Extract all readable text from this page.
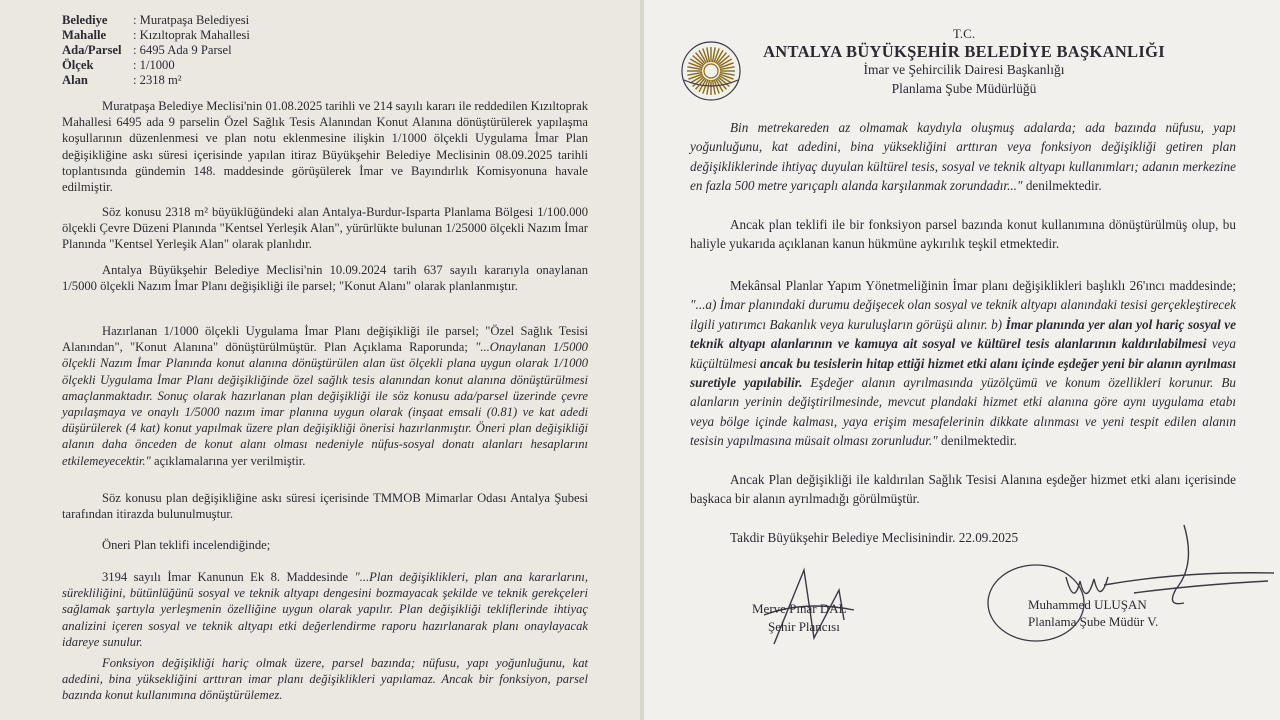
Belediye : Muratpaşa Belediyesi
Mahalle : Kızıltoprak Mahallesi
Ada/Parsel : 6495 Ada 9 Parsel
Ölçek	: 1/1000
Alan	: 2318 m²

Muratpaşa Belediye Meclisi'nin 01.08.2025 tarihli ve 214 sayılı kararı ile reddedilen Kızıltoprak Mahallesi 6495 ada 9 parselin Özel Sağlık Tesis Alanından Konut Alanına dönüştürülerek yapılaşma koşullarının düzenlenmesi ve plan notu eklenmesine ilişkin 1/1000 ölçekli Uygulama İmar Plan değişikliğine askı süresi içerisinde yapılan itiraz Büyükşehir Belediye Meclisinin 08.09.2025 tarihli toplantısında gündemin 148. maddesinde görüşülerek İmar ve Bayındırlık Komisyonuna havale edilmiştir.

Söz konusu 2318 m² büyüklüğündeki alan Antalya-Burdur-Isparta Planlama Bölgesi 1/100.000 ölçekli Çevre Düzeni Planında "Kentsel Yerleşik Alan", yürürlükte bulunan 1/25000 ölçekli Nazım İmar Planında "Kentsel Yerleşik Alan" olarak planlıdır.

Antalya Büyükşehir Belediye Meclisi'nin 10.09.2024 tarih 637 sayılı kararıyla onaylanan 1/5000 ölçekli Nazım İmar Planı değişikliği ile parsel; "Konut Alanı" olarak planlanmıştır.

Hazırlanan 1/1000 ölçekli Uygulama İmar Planı değişikliği ile parsel; "Özel Sağlık Tesisi Alanından", "Konut Alanına" dönüştürülmüştür. Plan Açıklama Raporunda; "...Onaylanan 1/5000 ölçekli Nazım İmar Planında konut alanına dönüştürülen alan üst ölçekli plana uygun olarak 1/1000 ölçekli Uygulama İmar Planı değişikliğinde özel sağlık tesis alanından konut alanına dönüştürülmesi amaçlanmaktadır. Sonuç olarak hazırlanan plan değişikliği ile söz konusu ada/parsel üzerinde çevre yapılaşmaya ve onaylı 1/5000 nazım imar planına uygun olarak (inşaat emsali (0.81) ve kat adedi düşürülerek (4 kat) konut yapılmak üzere plan değişikliği önerisi hazırlanmıştır. Öneri plan değişikliği alanın daha önceden de konut alanı olması nedeniyle nüfus-sosyal donatı alanları hesaplarını etkilemeyecektir." açıklamalarına yer verilmiştir.

Söz konusu plan değişikliğine askı süresi içerisinde TMMOB Mimarlar Odası Antalya Şubesi tarafından itirazda bulunulmuştur.

Öneri Plan teklifi incelendiğinde;

3194 sayılı İmar Kanunun Ek 8. Maddesinde "...Plan değişiklikleri, plan ana kararlarını, sürekliliğini, bütünlüğünü sosyal ve teknik altyapı dengesini bozmayacak şekilde ve teknik gerekçeleri sağlamak şartıyla yerleşmenin özelliğine uygun olarak yapılır. Plan değişikliği tekliflerinde ihtiyaç analizini içeren sosyal ve teknik altyapı etki değerlendirme raporu hazırlanarak planı onaylayacak idareye sunulur.

Fonksiyon değişikliği hariç olmak üzere, parsel bazında; nüfusu, yapı yoğunluğunu, kat adedini, bina yüksekliğini arttıran imar planı değişiklikleri yapılamaz. Ancak bir fonksiyon, parsel bazında konut kullanımına dönüştürülemez.

T.C.
ANTALYA BÜYÜKŞEHİR BELEDİYE BAŞKANLIĞI
İmar ve Şehircilik Dairesi Başkanlığı
Planlama Şube Müdürlüğü

Bin metrekareden az olmamak kaydıyla oluşmuş adalarda; ada bazında nüfusu, yapı yoğunluğunu, kat adedini, bina yüksekliğini arttıran veya fonksiyon değişikliği getiren plan değişikliklerinde ihtiyaç duyulan kültürel tesis, sosyal ve teknik altyapı kullanımları; adanın merkezine en fazla 500 metre yarıçaplı alanda karşılanmak zorundadır..." denilmektedir.

Ancak plan teklifi ile bir fonksiyon parsel bazında konut kullanımına dönüştürülmüş olup, bu haliyle yukarıda açıklanan kanun hükmüne aykırılık teşkil etmektedir.

Mekânsal Planlar Yapım Yönetmeliğinin İmar planı değişiklikleri başlıklı 26'ıncı maddesinde; "...a) İmar planındaki durumu değişecek olan sosyal ve teknik altyapı alanındaki tesisi gerçekleştirecek ilgili yatırımcı Bakanlık veya kuruluşların görüşü alınır. b) İmar planında yer alan yol hariç sosyal ve teknik altyapı alanlarının ve kamuya ait sosyal ve kültürel tesis alanlarının kaldırılabilmesi veya küçültülmesi ancak bu tesislerin hitap ettiği hizmet etki alanı içinde eşdeğer yeni bir alanın ayrılması suretiyle yapılabilir. Eşdeğer alanın ayrılmasında yüzölçümü ve konum özellikleri korunur. Bu alanların yerinin değiştirilmesinde, mevcut plandaki hizmet etki alanına göre aynı uygulama etabı veya bölge içinde kalması, yaya erişim mesafelerinin dikkate alınması ve yeni tespit edilen alanın tesisin yapılmasına müsait olması zorunludur." denilmektedir.

Ancak Plan değişikliği ile kaldırılan Sağlık Tesisi Alanına eşdeğer hizmet etki alanı içerisinde başkaca bir alanın ayrılmadığı görülmüştür.

Takdir Büyükşehir Belediye Meclisinindir. 22.09.2025

Merve Pınar DAL
Şehir Plancısı
Muhammed ULUŞAN
Planlama Şube Müdür V.
